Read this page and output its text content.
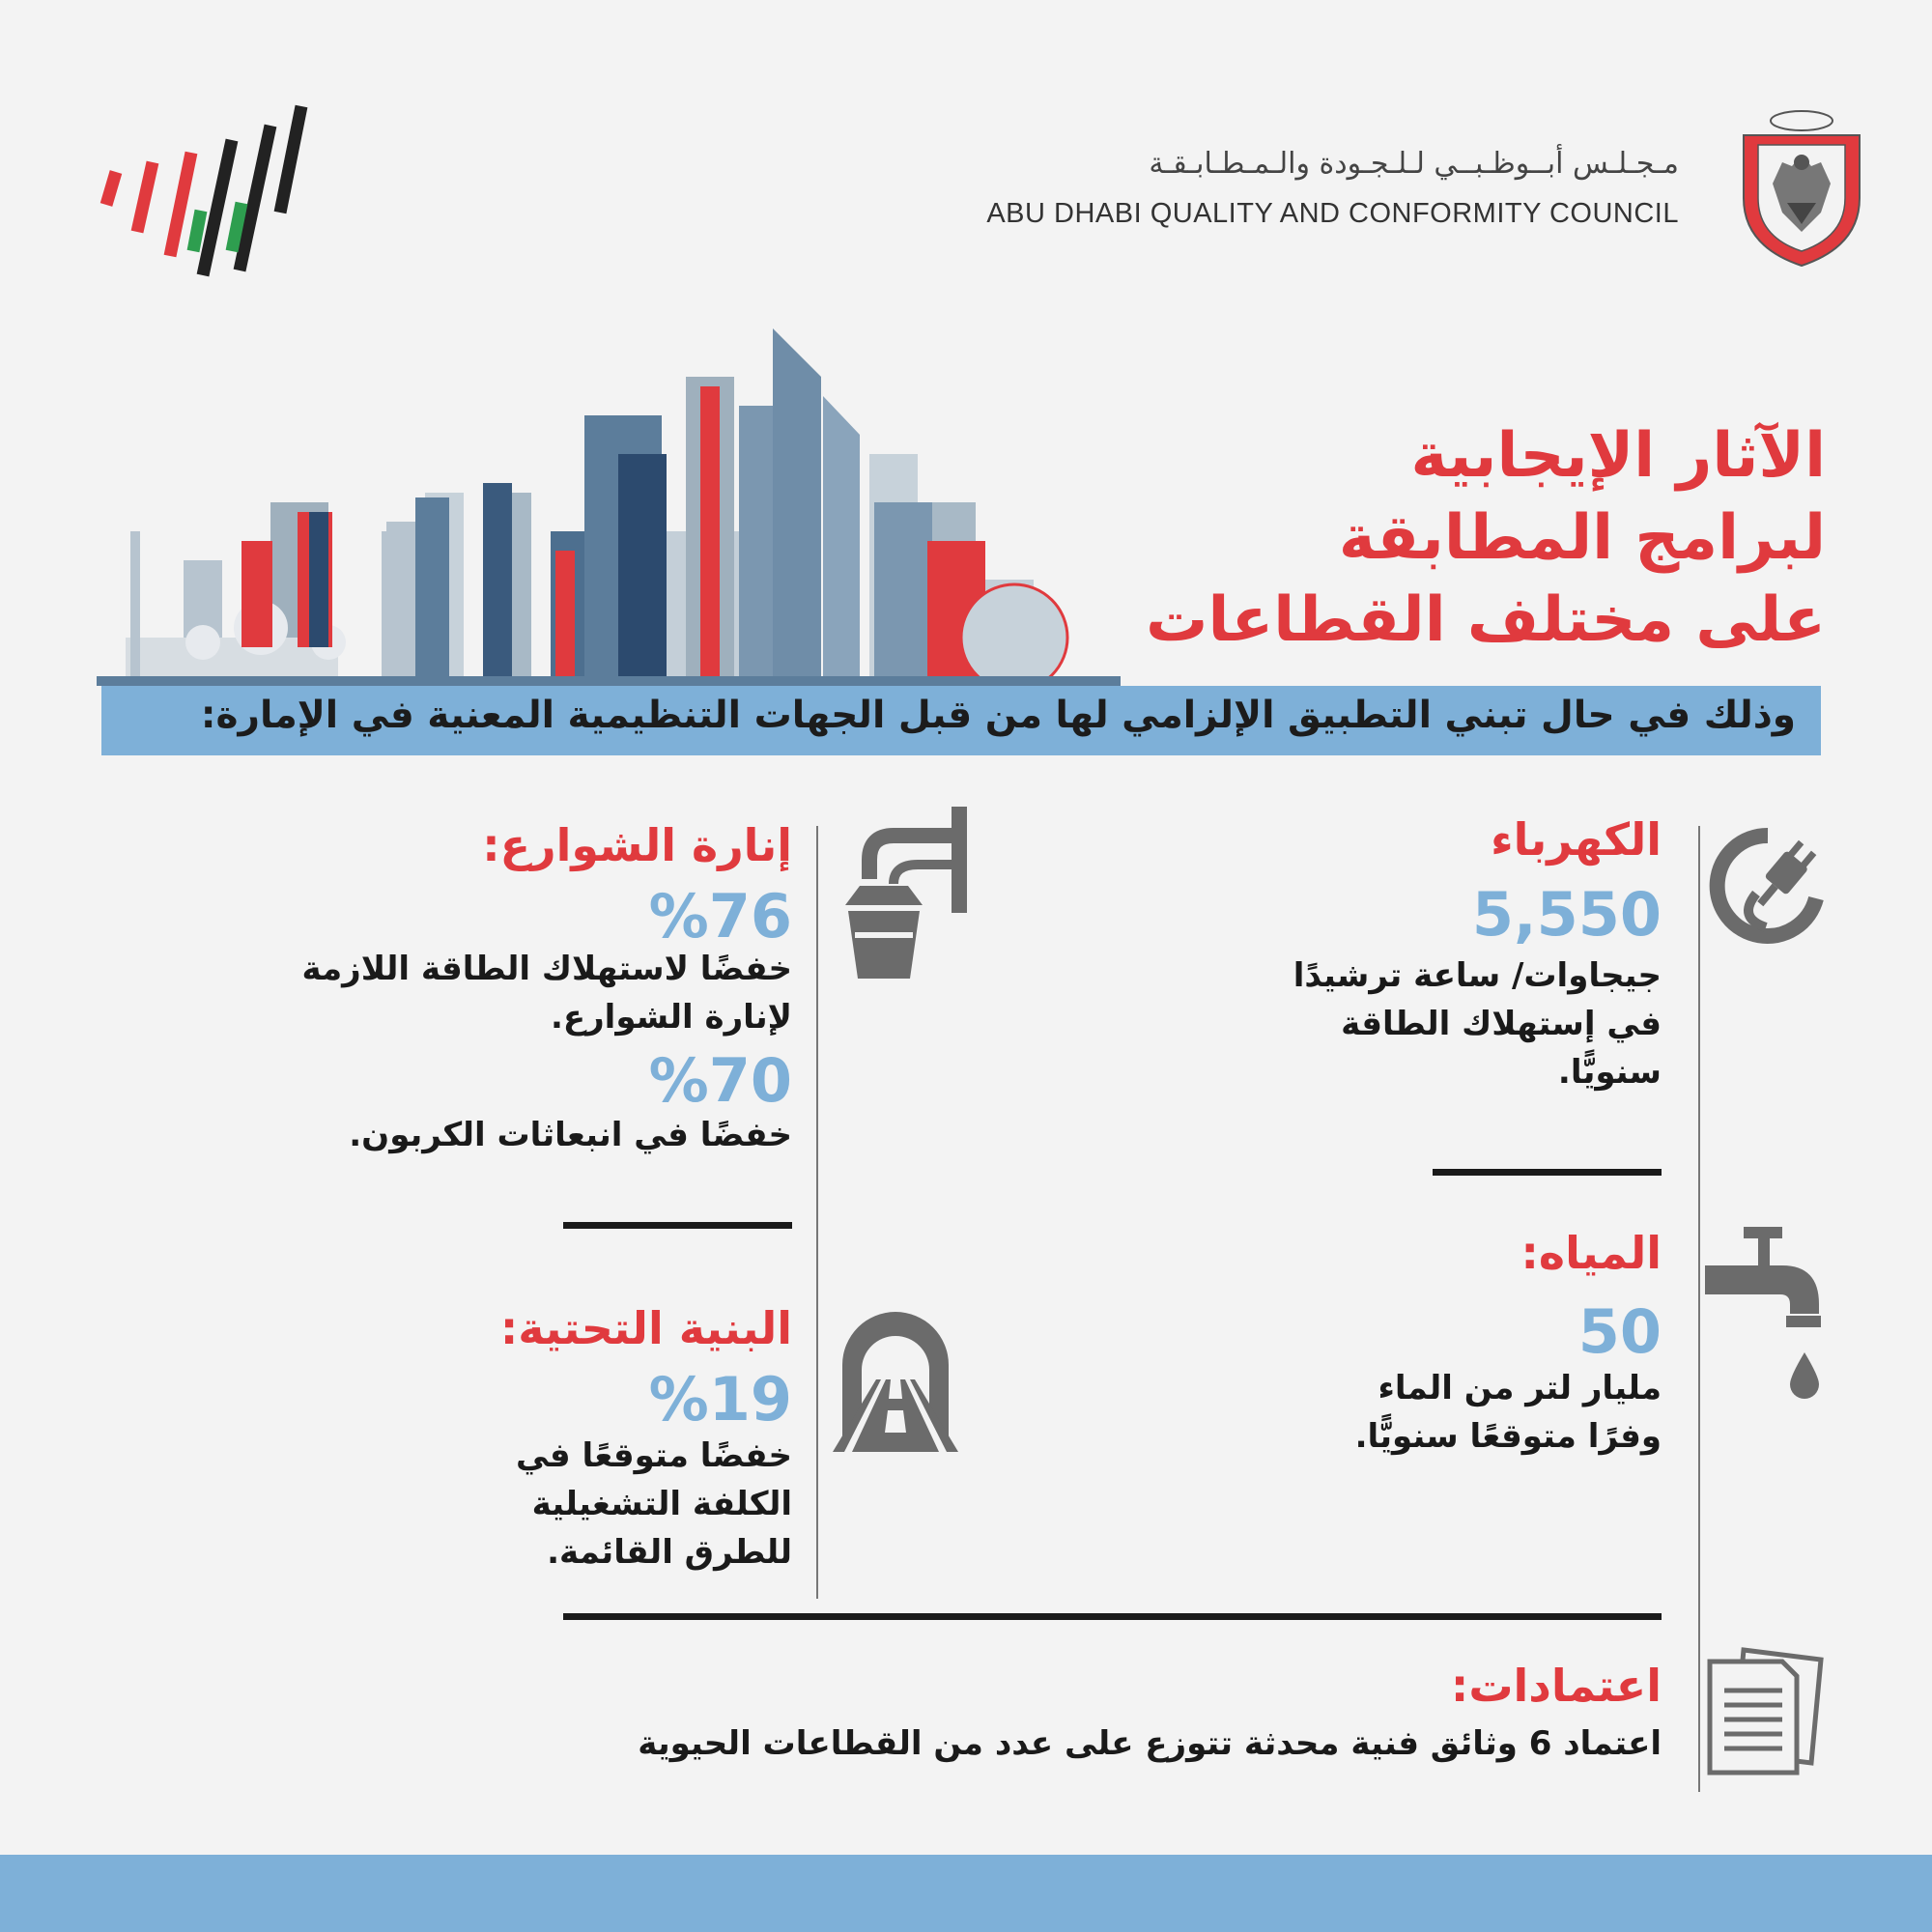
مـجـلـس أبــوظـبــي لـلـجـودة والـمـطـابـقـة
ABU DHABI QUALITY AND CONFORMITY COUNCIL
الآثار الإيجابية
لبرامج المطابقة
على مختلف القطاعات
وذلك في حال تبني التطبيق الإلزامي لها من قبل الجهات التنظيمية المعنية في الإمارة:
الكهرباء
5,550
جيجاوات/ ساعة ترشيدًا
في إستهلاك الطاقة
سنويًّا.
إنارة الشوارع:
%76
خفضًا لاستهلاك الطاقة اللازمة
لإنارة الشوارع.
%70
خفضًا في انبعاثات الكربون.
المياه:
50
مليار لتر من الماء
وفرًا متوقعًا سنويًّا.
البنية التحتية:
%19
خفضًا متوقعًا في
الكلفة التشغيلية
للطرق القائمة.
اعتمادات:
اعتماد 6 وثائق فنية محدثة تتوزع على عدد من القطاعات الحيوية
